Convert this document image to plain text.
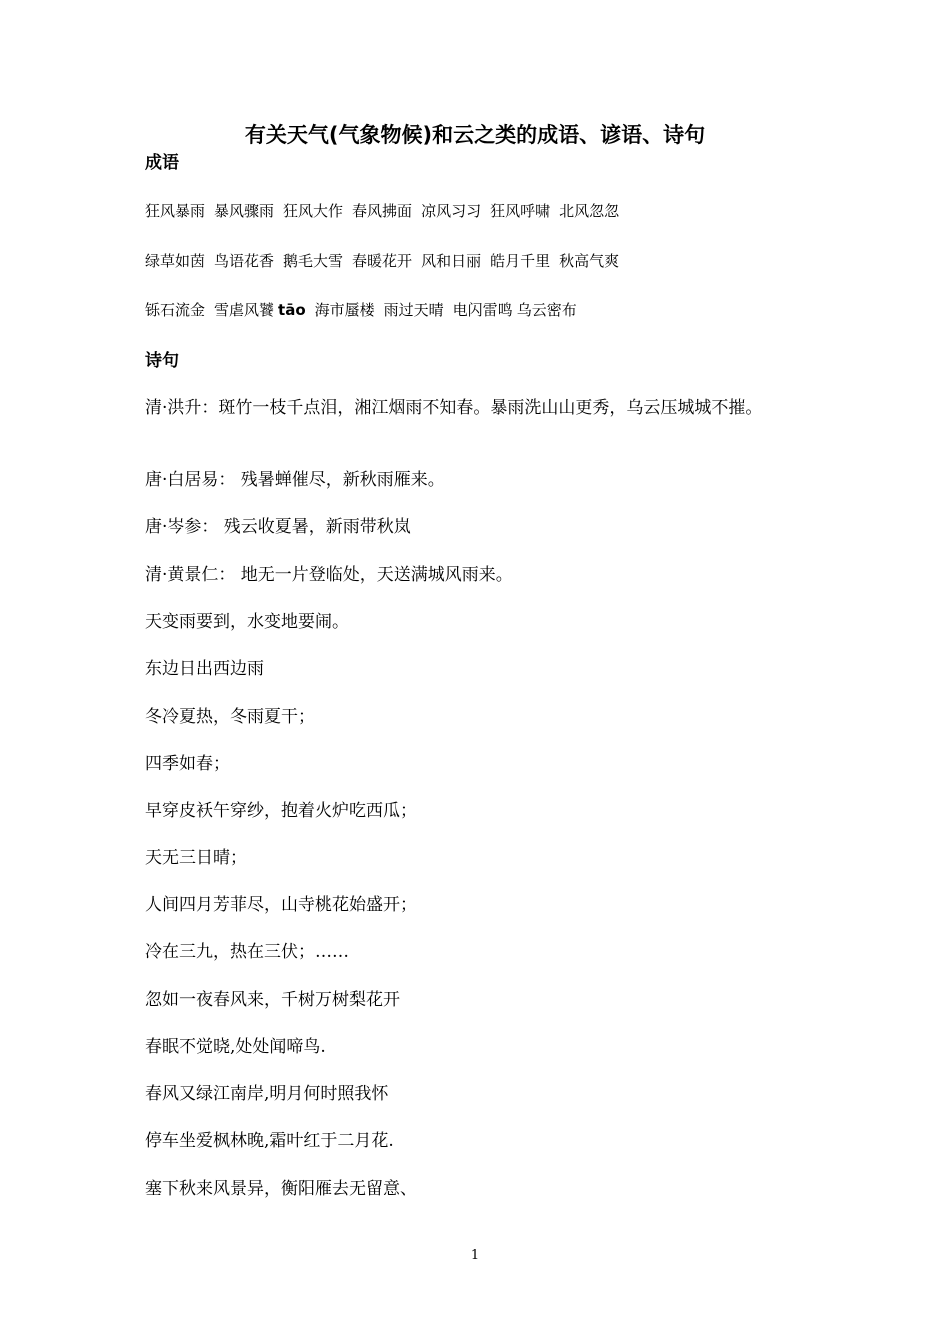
有关天气(气象物候)和云之类的成语、谚语、诗句
成语
狂风暴雨 暴风骤雨 狂风大作 春风拂面 凉风习习 狂风呼啸 北风忽忽
绿草如茵 鸟语花香 鹅毛大雪 春暖花开 风和日丽 皓月千里 秋高气爽
铄石流金 雪虐风饕 tāo 海市蜃楼 雨过天晴 电闪雷鸣 乌云密布
诗句
清·洪升：斑竹一枝千点泪，湘江烟雨不知春。暴雨洗山山更秀，乌云压城城不摧。
唐·白居易： 残暑蝉催尽，新秋雨雁来。
唐·岑参： 残云收夏暑，新雨带秋岚
清·黄景仁： 地无一片登临处，天送满城风雨来。
天变雨要到，水变地要闹。
东边日出西边雨
冬冷夏热，冬雨夏干；
四季如春；
早穿皮袄午穿纱，抱着火炉吃西瓜；
天无三日晴；
人间四月芳菲尽，山寺桃花始盛开；
冷在三九，热在三伏；……
忽如一夜春风来，千树万树梨花开
春眠不觉晓,处处闻啼鸟.
春风又绿江南岸,明月何时照我怀
停车坐爱枫林晚,霜叶红于二月花.
塞下秋来风景异，衡阳雁去无留意、
1
